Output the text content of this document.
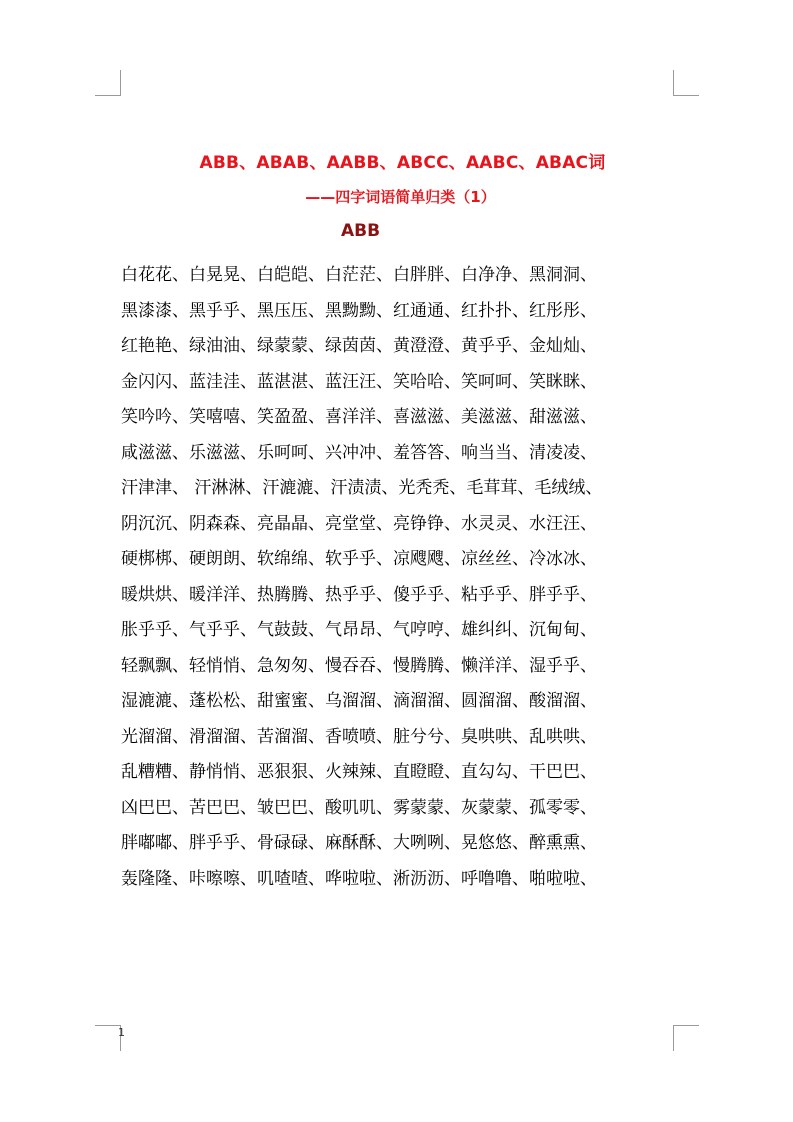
ABB、ABAB、AABB、ABCC、AABC、ABAC词
——四字词语简单归类（1）
ABB
白花花、白晃晃、白皑皑、白茫茫、白胖胖、白净净、黑洞洞、
黑漆漆、黑乎乎、黑压压、黑黝黝、红通通、红扑扑、红彤彤、
红艳艳、绿油油、绿蒙蒙、绿茵茵、黄澄澄、黄乎乎、金灿灿、
金闪闪、蓝洼洼、蓝湛湛、蓝汪汪、笑哈哈、笑呵呵、笑眯眯、
笑吟吟、笑嘻嘻、笑盈盈、喜洋洋、喜滋滋、美滋滋、甜滋滋、
咸滋滋、乐滋滋、乐呵呵、兴冲冲、羞答答、响当当、清凌凌、
汗津津、 汗淋淋、汗漉漉、汗渍渍、光秃秃、毛茸茸、毛绒绒、
阴沉沉、阴森森、亮晶晶、亮堂堂、亮铮铮、水灵灵、水汪汪、
硬梆梆、硬朗朗、软绵绵、软乎乎、凉飕飕、凉丝丝、冷冰冰、
暖烘烘、暖洋洋、热腾腾、热乎乎、傻乎乎、粘乎乎、胖乎乎、
胀乎乎、气乎乎、气鼓鼓、气昂昂、气哼哼、雄纠纠、沉甸甸、
轻飘飘、轻悄悄、急匆匆、慢吞吞、慢腾腾、懒洋洋、湿乎乎、
湿漉漉、蓬松松、甜蜜蜜、乌溜溜、滴溜溜、圆溜溜、酸溜溜、
光溜溜、滑溜溜、苦溜溜、香喷喷、脏兮兮、臭哄哄、乱哄哄、
乱糟糟、静悄悄、恶狠狠、火辣辣、直瞪瞪、直勾勾、干巴巴、
凶巴巴、苦巴巴、皱巴巴、酸叽叽、雾蒙蒙、灰蒙蒙、孤零零、
胖嘟嘟、胖乎乎、骨碌碌、麻酥酥、大咧咧、晃悠悠、醉熏熏、
轰隆隆、咔嚓嚓、叽喳喳、哗啦啦、淅沥沥、呼噜噜、啪啦啦、
1
